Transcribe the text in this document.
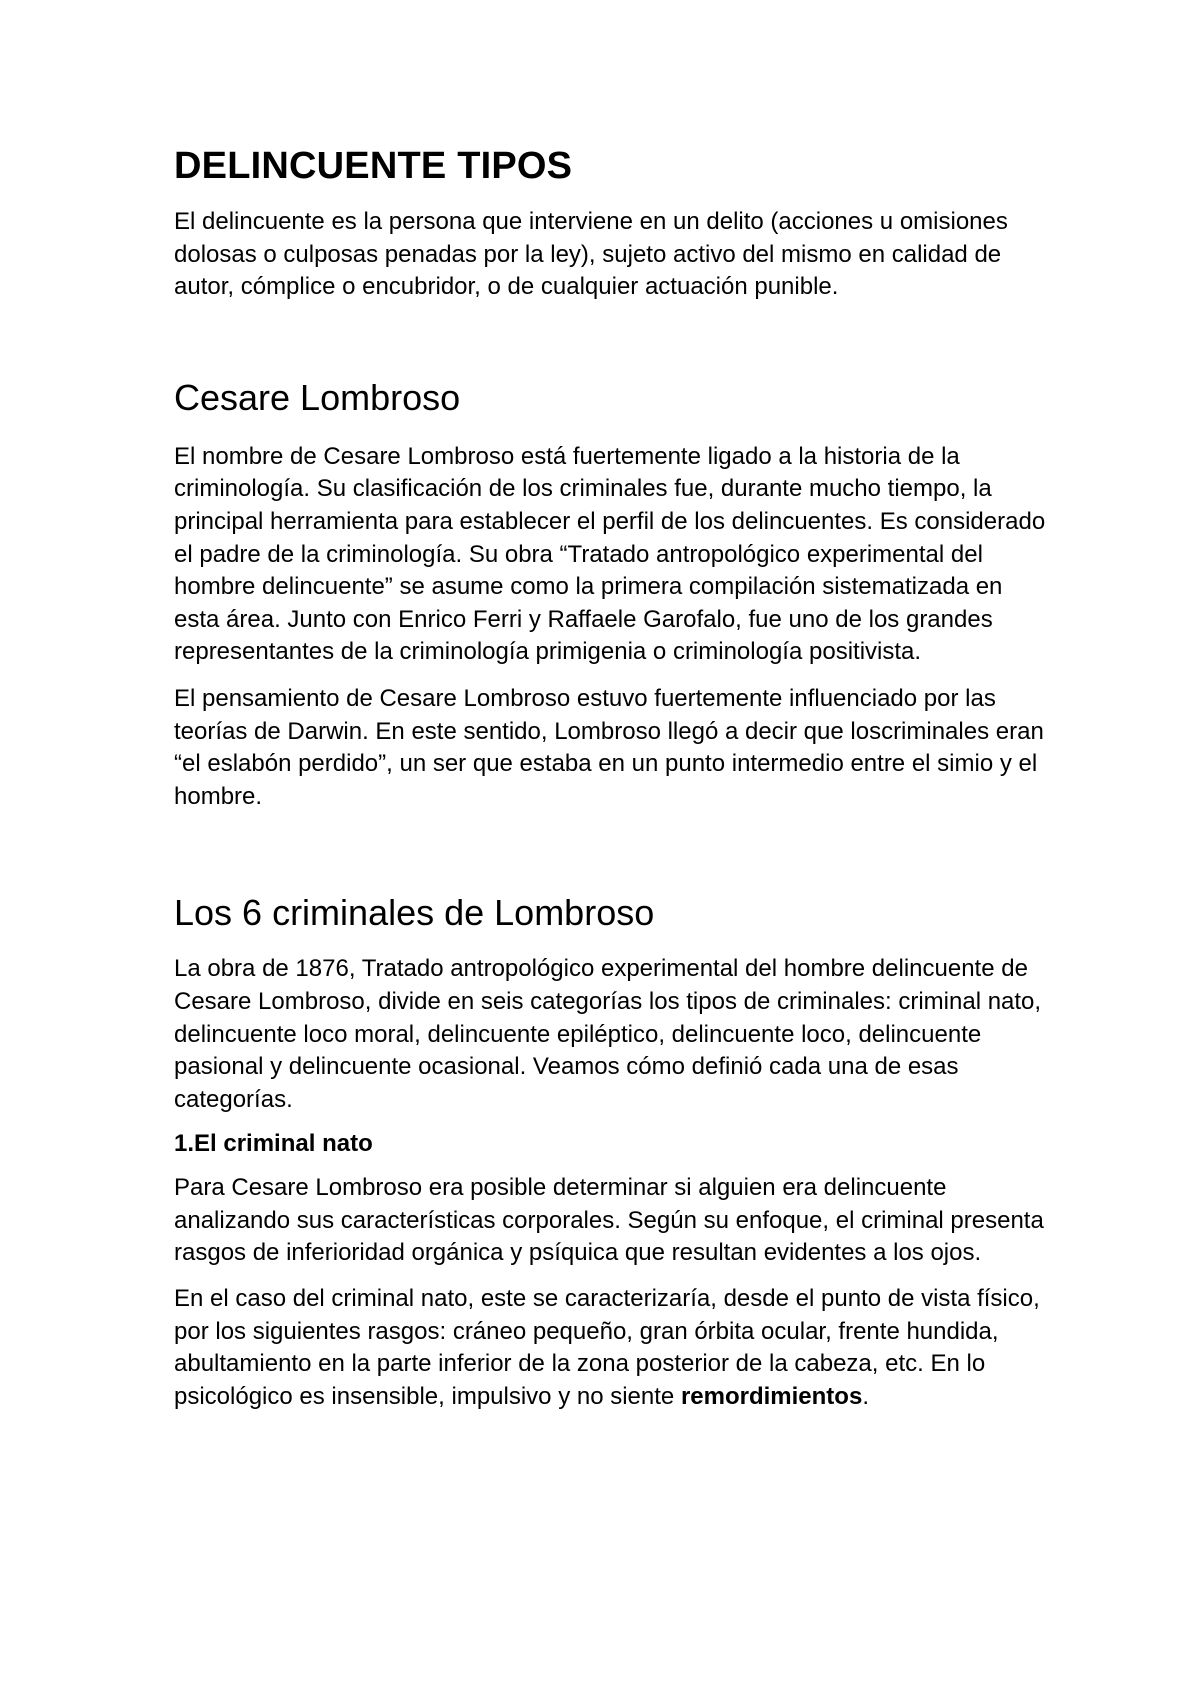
DELINCUENTE TIPOS

El delincuente es la persona que interviene en un delito (acciones u omisiones dolosas o culposas penadas por la ley), sujeto activo del mismo en calidad de autor, cómplice o encubridor, o de cualquier actuación punible.

Cesare Lombroso

El nombre de Cesare Lombroso está fuertemente ligado a la historia de la criminología. Su clasificación de los criminales fue, durante mucho tiempo, la principal herramienta para establecer el perfil de los delincuentes. Es considerado el padre de la criminología. Su obra “Tratado antropológico experimental del hombre delincuente” se asume como la primera compilación sistematizada en esta área. Junto con Enrico Ferri y Raffaele Garofalo, fue uno de los grandes representantes de la criminología primigenia o criminología positivista.

El pensamiento de Cesare Lombroso estuvo fuertemente influenciado por las teorías de Darwin. En este sentido, Lombroso llegó a decir que loscriminales eran “el eslabón perdido”, un ser que estaba en un punto intermedio entre el simio y el hombre.

Los 6 criminales de Lombroso

La obra de 1876, Tratado antropológico experimental del hombre delincuente de Cesare Lombroso, divide en seis categorías los tipos de criminales: criminal nato, delincuente loco moral, delincuente epiléptico, delincuente loco, delincuente pasional y delincuente ocasional. Veamos cómo definió cada una de esas categorías.

1.El criminal nato

Para Cesare Lombroso era posible determinar si alguien era delincuente analizando sus características corporales. Según su enfoque, el criminal presenta rasgos de inferioridad orgánica y psíquica que resultan evidentes a los ojos.

En el caso del criminal nato, este se caracterizaría, desde el punto de vista físico, por los siguientes rasgos: cráneo pequeño, gran órbita ocular, frente hundida, abultamiento en la parte inferior de la zona posterior de la cabeza, etc. En lo psicológico es insensible, impulsivo y no siente remordimientos.
